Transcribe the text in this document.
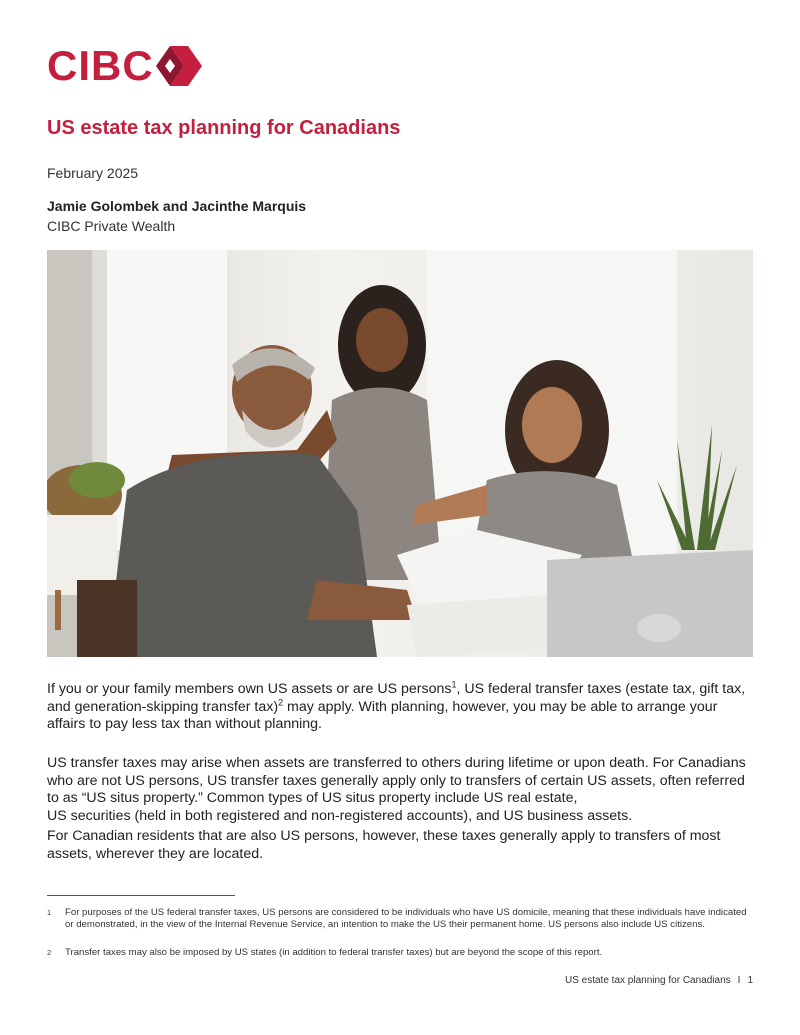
CIBC
US estate tax planning for Canadians
February 2025
Jamie Golombek and Jacinthe Marquis
CIBC Private Wealth

If you or your family members own US assets or are US persons$^1$, US federal transfer taxes (estate tax, gift tax, and generation-skipping transfer tax)$^2$ may apply. With planning, however, you may be able to arrange your affairs to pay less tax than without planning.

US transfer taxes may arise when assets are transferred to others during lifetime or upon death. For Canadians who are not US persons, US transfer taxes generally apply only to transfers of certain US assets, often referred to as “US situs property.” Common types of US situs property include US real estate,
US securities (held in both registered and non-registered accounts), and US business assets.

For Canadian residents that are also US persons, however, these taxes generally apply to transfers of most assets, wherever they are located.

1	For purposes of the US federal transfer taxes, US persons are considered to be individuals who have US domicile, meaning that these individuals have indicated or demonstrated, in the view of the Internal Revenue Service, an intention to make the US their permanent home. US persons also include US citizens.
2	Transfer taxes may also be imposed by US states (in addition to federal transfer taxes) but are beyond the scope of this report.
US estate tax planning for Canadians I 1
